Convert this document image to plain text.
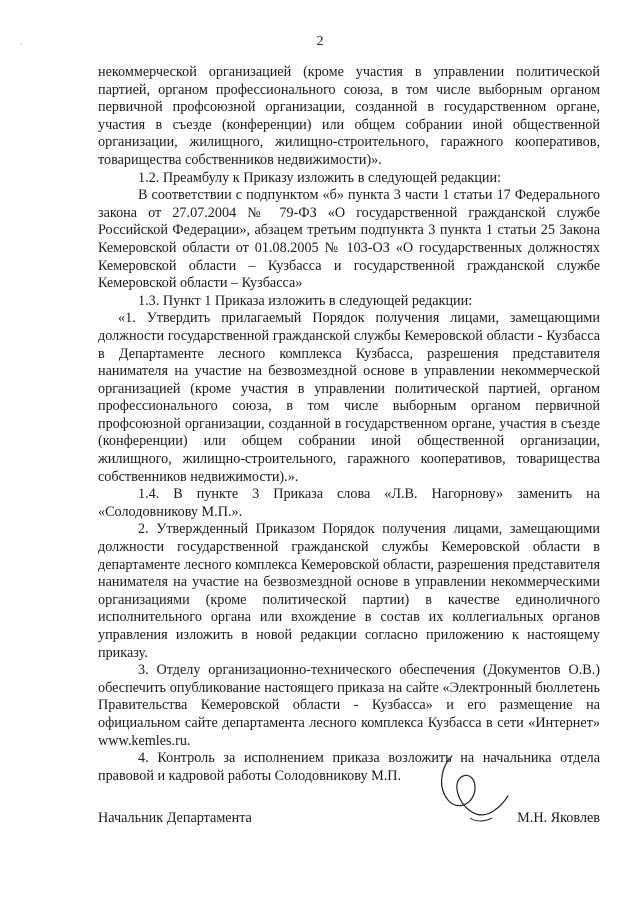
·	2

некоммерческой организацией (кроме участия в управлении политической партией, органом профессионального союза, в том числе выборным органом первичной профсоюзной организации, созданной в государственном органе, участия в съезде (конференции) или общем собрании иной общественной организации, жилищного, жилищно-строительного, гаражного кооперативов, товарищества собственников недвижимости)».

1.2. Преамбулу к Приказу изложить в следующей редакции:

В соответствии с подпунктом «б» пункта 3 части 1 статьи 17 Федерального закона от 27.07.2004 № 79-ФЗ «О государственной гражданской службе Российской Федерации», абзацем третьим подпункта 3 пункта 1 статьи 25 Закона Кемеровской области от 01.08.2005 № 103-ОЗ «О государственных должностях Кемеровской области – Кузбасса и государственной гражданской службе Кемеровской области – Кузбасса»

1.3. Пункт 1 Приказа изложить в следующей редакции:

«1. Утвердить прилагаемый Порядок получения лицами, замещающими должности государственной гражданской службы Кемеровской области - Кузбасса в Департаменте лесного комплекса Кузбасса, разрешения представителя нанимателя на участие на безвозмездной основе в управлении некоммерческой организацией (кроме участия в управлении политической партией, органом профессионального союза, в том числе выборным органом первичной профсоюзной организации, созданной в государственном органе, участия в съезде (конференции) или общем собрании иной общественной организации, жилищного, жилищно-строительного, гаражного кооперативов, товарищества собственников недвижимости).».

1.4. В пункте 3 Приказа слова «Л.В. Нагорнову» заменить на «Солодовникову М.П.».

2. Утвержденный Приказом Порядок получения лицами, замещающими должности государственной гражданской службы Кемеровской области в департаменте лесного комплекса Кемеровской области, разрешения представителя нанимателя на участие на безвозмездной основе в управлении некоммерческими организациями (кроме политической партии) в качестве единоличного исполнительного органа или вхождение в состав их коллегиальных органов управления изложить в новой редакции согласно приложению к настоящему приказу.

3. Отделу организационно-технического обеспечения (Документов О.В.) обеспечить опубликование настоящего приказа на сайте «Электронный бюллетень Правительства Кемеровской области - Кузбасса» и его размещение на официальном сайте департамента лесного комплекса Кузбасса в сети «Интернет» www.kemles.ru.

4. Контроль за исполнением приказа возложить на начальника отдела правовой и кадровой работы Солодовникову М.П.

Начальник Департамента	М.Н. Яковлев
